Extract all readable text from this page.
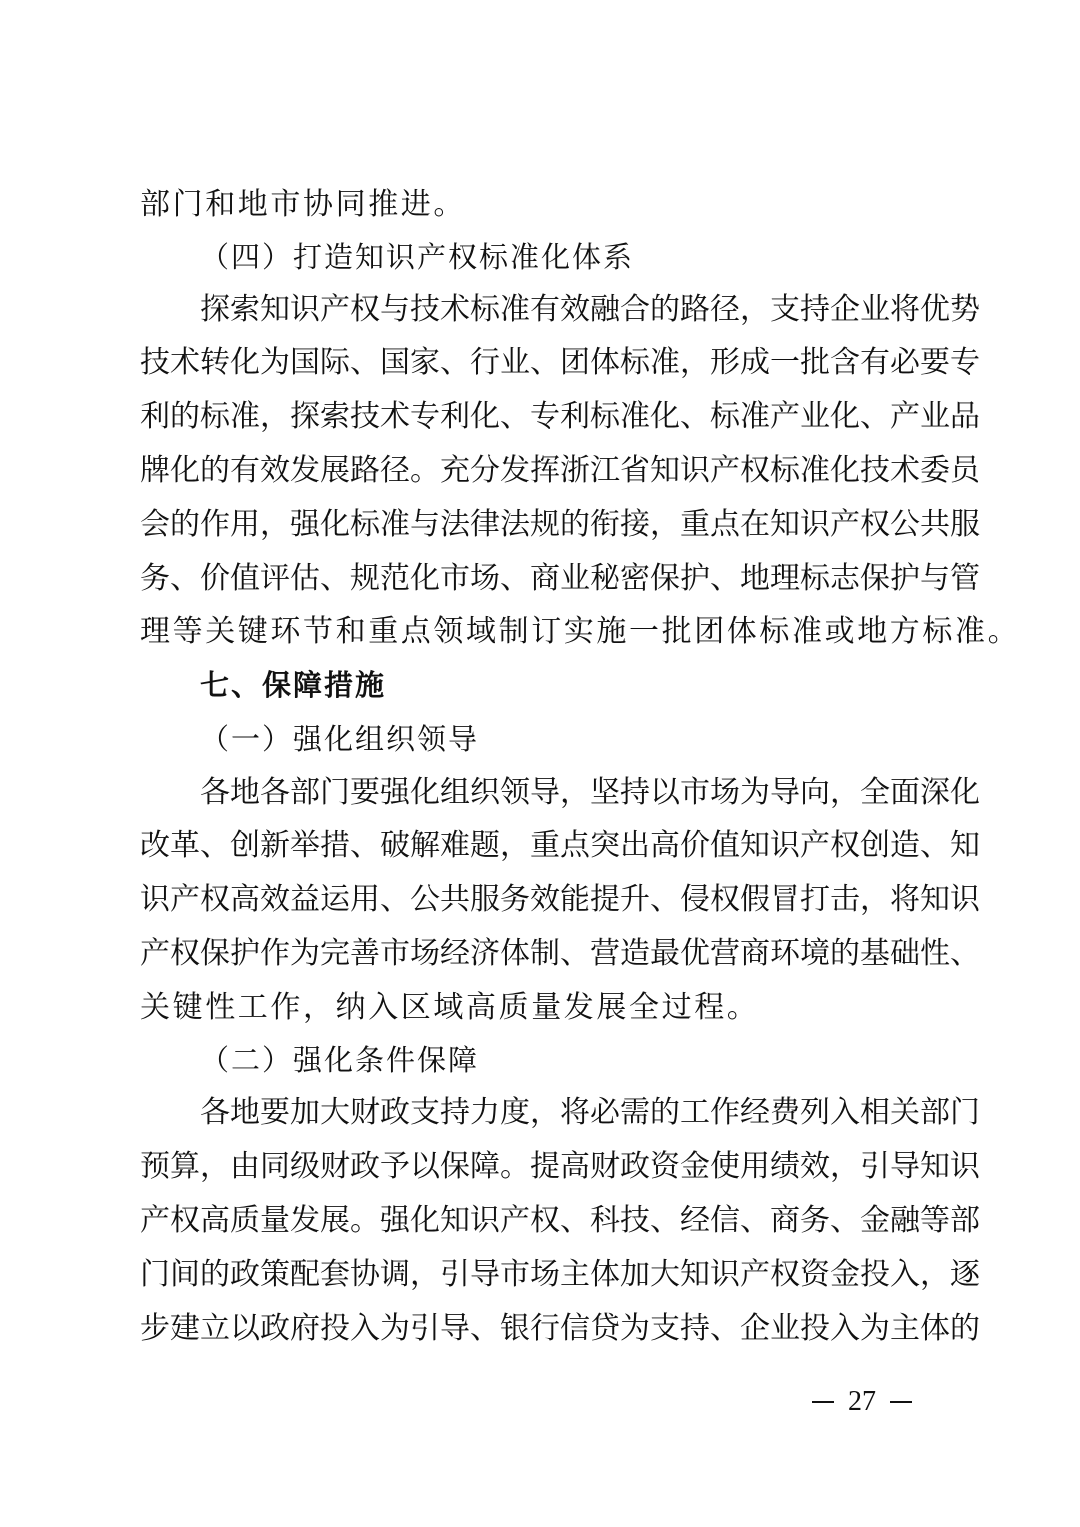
部门和地市协同推进。
（四）打造知识产权标准化体系
探索知识产权与技术标准有效融合的路径，支持企业将优势
技术转化为国际、国家、行业、团体标准，形成一批含有必要专
利的标准，探索技术专利化、专利标准化、标准产业化、产业品
牌化的有效发展路径。充分发挥浙江省知识产权标准化技术委员
会的作用，强化标准与法律法规的衔接，重点在知识产权公共服
务、价值评估、规范化市场、商业秘密保护、地理标志保护与管
理等关键环节和重点领域制订实施一批团体标准或地方标准。
七、保障措施
（一）强化组织领导
各地各部门要强化组织领导，坚持以市场为导向，全面深化
改革、创新举措、破解难题，重点突出高价值知识产权创造、知
识产权高效益运用、公共服务效能提升、侵权假冒打击，将知识
产权保护作为完善市场经济体制、营造最优营商环境的基础性、
关键性工作，纳入区域高质量发展全过程。
（二）强化条件保障
各地要加大财政支持力度，将必需的工作经费列入相关部门
预算，由同级财政予以保障。提高财政资金使用绩效，引导知识
产权高质量发展。强化知识产权、科技、经信、商务、金融等部
门间的政策配套协调，引导市场主体加大知识产权资金投入，逐
步建立以政府投入为引导、银行信贷为支持、企业投入为主体的
27
